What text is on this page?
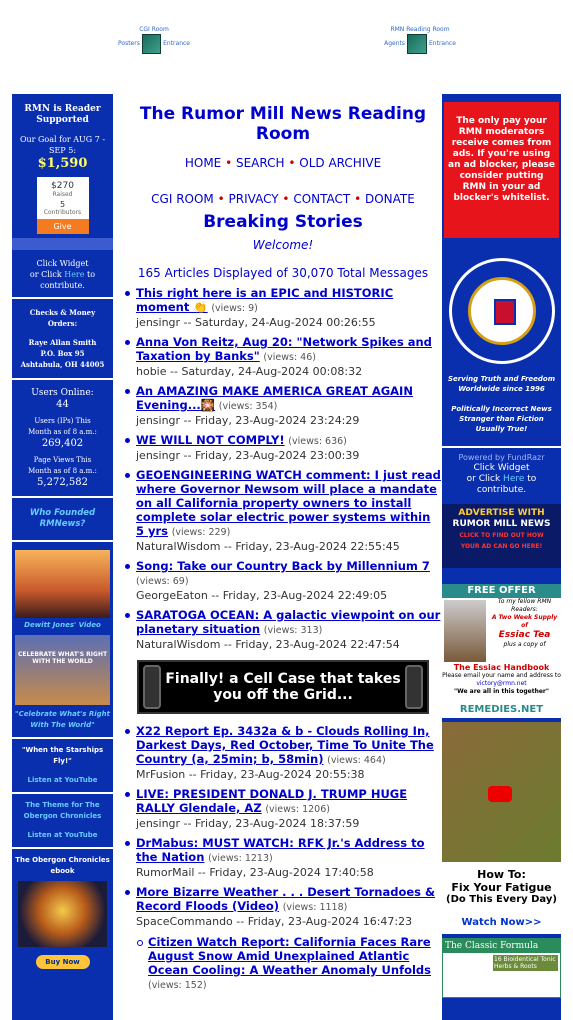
CGI Room
Posters	Entrance
RMN Reading Room
Agents	Entrance
RMN is Reader Supported
Our Goal for AUG 7 - SEP 5:
$1,590
$270
Raised
5
Contributors
Give
Click Widget
or Click Here to contribute.
Checks & Money Orders:
Raye Allan Smith
P.O. Box 95
Ashtabula, OH 44005
Users Online:
44
Users (IPs) This Month as of 8 a.m.:
269,402
Page Views This Month as of 8 a.m.:
5,272,582
Who Founded RMNews?
Dewitt Jones' Video
CELEBRATE WHAT'S RIGHT WITH THE WORLD
"Celebrate What's Right With The World"
"When the Starships Fly!"
Listen at YouTube
The Theme for The Obergon Chronicles
Listen at YouTube
The Obergon Chronicles ebook
Buy Now
The Rumor Mill News Reading Room
HOME • SEARCH • OLD ARCHIVE
CGI ROOM • PRIVACY • CONTACT • DONATE
Breaking Stories
Welcome!
165 Articles Displayed of 30,070 Total Messages
This right here is an EPIC and HISTORIC moment 👏 (views: 9)
jensingr -- Saturday, 24-Aug-2024 00:26:55
Anna Von Reitz, Aug 20: "Network Spikes and Taxation by Banks" (views: 46)
hobie -- Saturday, 24-Aug-2024 00:08:32
An AMAZING MAKE AMERICA GREAT AGAIN Evening...🎇 (views: 354)
jensingr -- Friday, 23-Aug-2024 23:24:29
WE WILL NOT COMPLY! (views: 636)
jensingr -- Friday, 23-Aug-2024 23:00:39
GEOENGINEERING WATCH comment: I just read where Governor Newsom will place a mandate on all California property owners to install complete solar electric power systems within 5 yrs (views: 229)
NaturalWisdom -- Friday, 23-Aug-2024 22:55:45
Song: Take our Country Back by Millennium 7 (views: 69)
GeorgeEaton -- Friday, 23-Aug-2024 22:49:05
SARATOGA OCEAN: A galactic viewpoint on our planetary situation (views: 313)
NaturalWisdom -- Friday, 23-Aug-2024 22:47:54
Finally! a Cell Case that takes you off the Grid...
X22 Report Ep. 3432a & b - Clouds Rolling In, Darkest Days, Red October, Time To Unite The Country (a, 25min; b, 58min) (views: 464)
MrFusion -- Friday, 23-Aug-2024 20:55:38
LIVE: PRESIDENT DONALD J. TRUMP HUGE RALLY Glendale, AZ (views: 1206)
jensingr -- Friday, 23-Aug-2024 18:37:59
DrMabus: MUST WATCH: RFK Jr.'s Address to the Nation (views: 1213)
RumorMail -- Friday, 23-Aug-2024 17:40:58
More Bizarre Weather . . . Desert Tornadoes & Record Floods (Video) (views: 1118)
SpaceCommando -- Friday, 23-Aug-2024 16:47:23
Citizen Watch Report: California Faces Rare August Snow Amid Unexplained Atlantic Ocean Cooling: A Weather Anomaly Unfolds (views: 152)
The only pay your RMN moderators receive comes from ads. If you're using an ad blocker, please consider putting RMN in your ad blocker's whitelist.
Serving Truth and Freedom Worldwide since 1996
Politically Incorrect News Stranger than Fiction Usually True!
Powered by FundRazr
Click Widget
or Click Here to contribute.
ADVERTISE WITH
RUMOR MILL NEWS
CLICK TO FIND OUT HOW
YOUR AD CAN GO HERE!
FREE OFFER
To my fellow RMN Readers:
A Two Week Supply of
Essiac Tea
plus a copy of
The Essiac Handbook
Please email your name and address to
victory@rmn.net
"We are all in this together"
REMEDIES.NET
How To:
Fix Your Fatigue
(Do This Every Day)
Watch Now>>
The Classic Formula
16 Bioidentical Tonic Herbs & Roots
